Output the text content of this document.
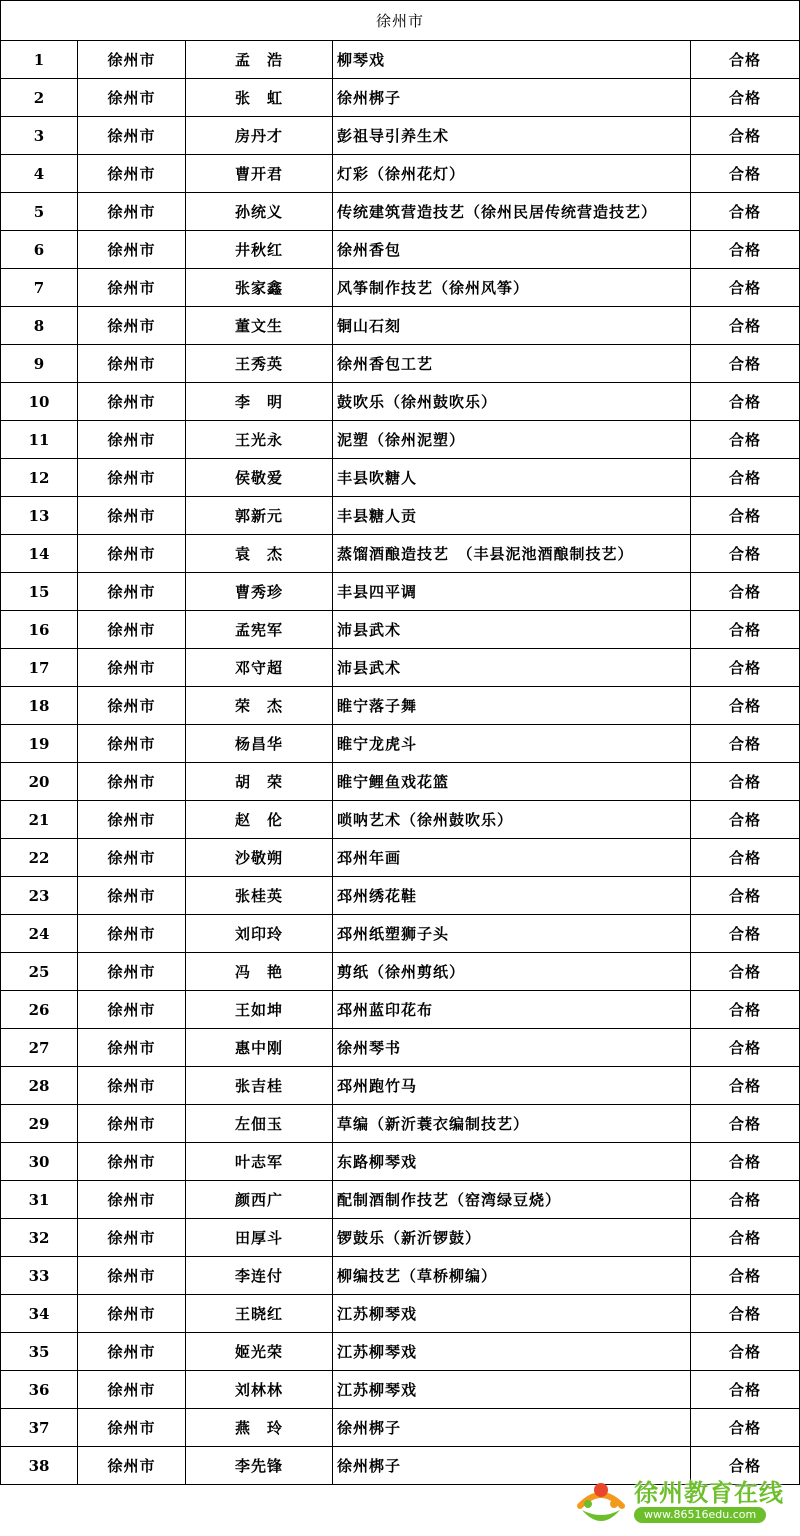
徐州市				
1	徐州市	孟　浩	柳琴戏	合格
2	徐州市	张　虹	徐州梆子	合格
3	徐州市	房丹才	彭祖导引养生术	合格
4	徐州市	曹开君	灯彩（徐州花灯）	合格
5	徐州市	孙统义	传统建筑营造技艺（徐州民居传统营造技艺）	合格
6	徐州市	井秋红	徐州香包	合格
7	徐州市	张家鑫	风筝制作技艺（徐州风筝）	合格
8	徐州市	董文生	铜山石刻	合格
9	徐州市	王秀英	徐州香包工艺	合格
10	徐州市	李　明	鼓吹乐（徐州鼓吹乐）	合格
11	徐州市	王光永	泥塑（徐州泥塑）	合格
12	徐州市	侯敬爱	丰县吹糖人	合格
13	徐州市	郭新元	丰县糖人贡	合格
14	徐州市	袁　杰	蒸馏酒酿造技艺　（丰县泥池酒酿制技艺）	合格
15	徐州市	曹秀珍	丰县四平调	合格
16	徐州市	孟宪军	沛县武术	合格
17	徐州市	邓守超	沛县武术	合格
18	徐州市	荣　杰	睢宁落子舞	合格
19	徐州市	杨昌华	睢宁龙虎斗	合格
20	徐州市	胡　荣	睢宁鲤鱼戏花篮	合格
21	徐州市	赵　伦	唢呐艺术（徐州鼓吹乐）	合格
22	徐州市	沙敬朔	邳州年画	合格
23	徐州市	张桂英	邳州绣花鞋	合格
24	徐州市	刘印玲	邳州纸塑狮子头	合格
25	徐州市	冯　艳	剪纸（徐州剪纸）	合格
26	徐州市	王如坤	邳州蓝印花布	合格
27	徐州市	惠中刚	徐州琴书	合格
28	徐州市	张吉桂	邳州跑竹马	合格
29	徐州市	左佃玉	草编（新沂蓑衣编制技艺）	合格
30	徐州市	叶志军	东路柳琴戏	合格
31	徐州市	颜西广	配制酒制作技艺（窑湾绿豆烧）	合格
32	徐州市	田厚斗	锣鼓乐（新沂锣鼓）	合格
33	徐州市	李连付	柳编技艺（草桥柳编）	合格
34	徐州市	王晓红	江苏柳琴戏	合格
35	徐州市	姬光荣	江苏柳琴戏	合格
36	徐州市	刘林林	江苏柳琴戏	合格
37	徐州市	燕　玲	徐州梆子	合格
38	徐州市	李先锋	徐州梆子	合格
徐州教育在线
www.86516edu.com
